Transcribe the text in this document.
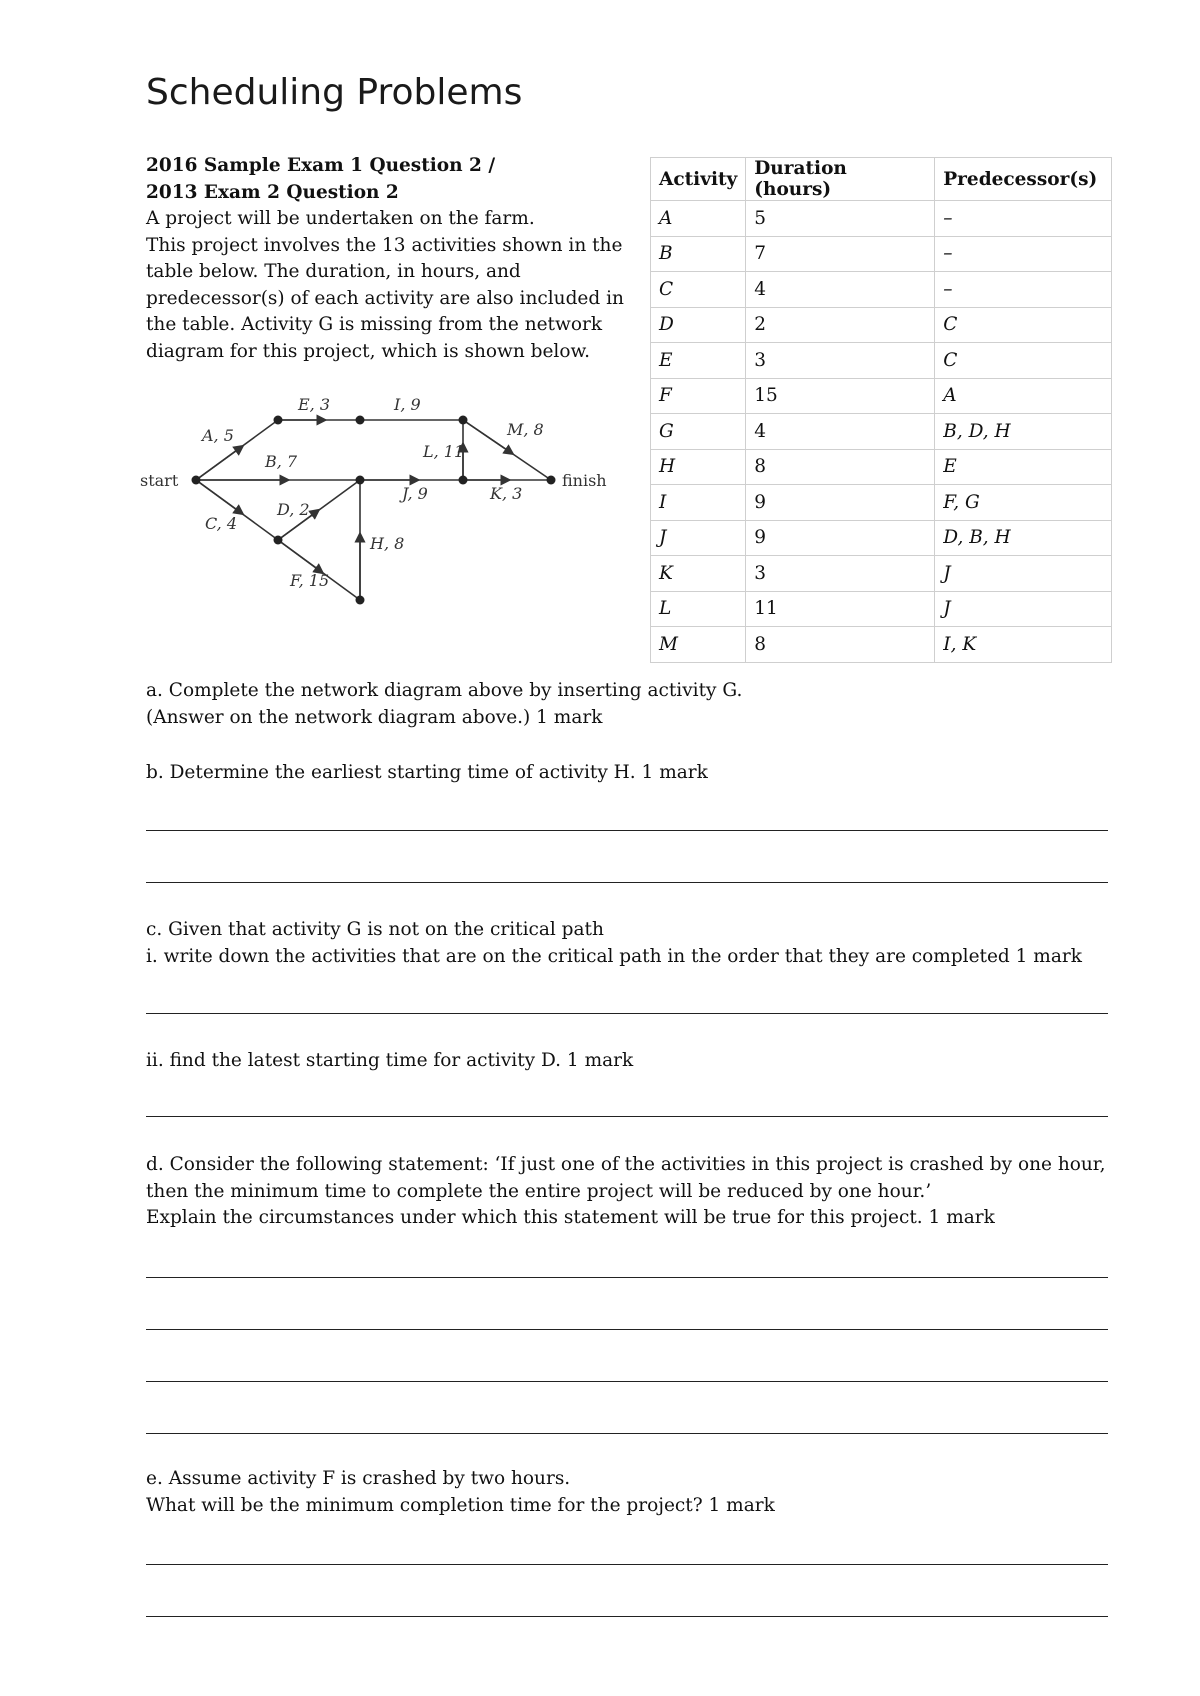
Scheduling Problems
2016 Sample Exam 1 Question 2 /
2013 Exam 2 Question 2
A project will be undertaken on the farm.
This project involves the 13 activities shown in the
table below. The duration, in hours, and
predecessor(s) of each activity are also included in
the table. Activity G is missing from the network
diagram for this project, which is shown below.
start	finish
A, 5
E, 3	I, 9
M, 8
L, 11
B, 7
J, 9	K, 3
D, 2
C, 4
H, 8
F, 15
Activity	Duration (hours)	Predecessor(s)
A	5	–
B	7	–
C	4	–
D	2	C
E	3	C
F	15	A
G	4	B, D, H
H	8	E
I	9	F, G
J	9	D, B, H
K	3	J
L	11	J
M	8	I, K
a. Complete the network diagram above by inserting activity G.
(Answer on the network diagram above.) 1 mark
b. Determine the earliest starting time of activity H. 1 mark
c. Given that activity G is not on the critical path
i. write down the activities that are on the critical path in the order that they are completed 1 mark
ii. find the latest starting time for activity D. 1 mark
d. Consider the following statement: ‘If just one of the activities in this project is crashed by one hour,
then the minimum time to complete the entire project will be reduced by one hour.’
Explain the circumstances under which this statement will be true for this project. 1 mark
e. Assume activity F is crashed by two hours.
What will be the minimum completion time for the project? 1 mark
